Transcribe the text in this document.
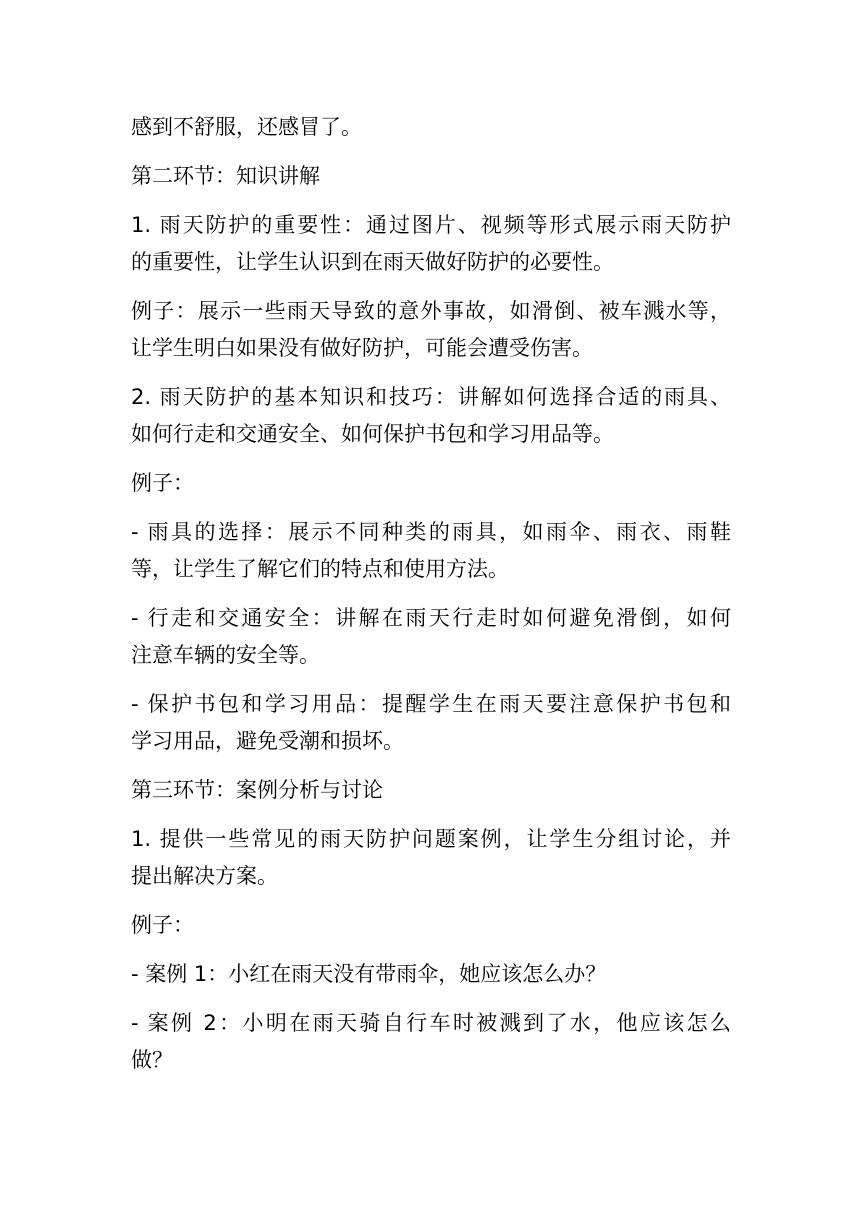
感到不舒服，还感冒了。
第二环节：知识讲解
1. 雨天防护的重要性：通过图片、视频等形式展示雨天防护
的重要性，让学生认识到在雨天做好防护的必要性。
例子：展示一些雨天导致的意外事故，如滑倒、被车溅水等，
让学生明白如果没有做好防护，可能会遭受伤害。
2. 雨天防护的基本知识和技巧：讲解如何选择合适的雨具、
如何行走和交通安全、如何保护书包和学习用品等。
例子：
- 雨具的选择：展示不同种类的雨具，如雨伞、雨衣、雨鞋
等，让学生了解它们的特点和使用方法。
- 行走和交通安全：讲解在雨天行走时如何避免滑倒，如何
注意车辆的安全等。
- 保护书包和学习用品：提醒学生在雨天要注意保护书包和
学习用品，避免受潮和损坏。
第三环节：案例分析与讨论
1. 提供一些常见的雨天防护问题案例，让学生分组讨论，并
提出解决方案。
例子：
- 案例 1：小红在雨天没有带雨伞，她应该怎么办？
- 案例 2：小明在雨天骑自行车时被溅到了水，他应该怎么
做？
